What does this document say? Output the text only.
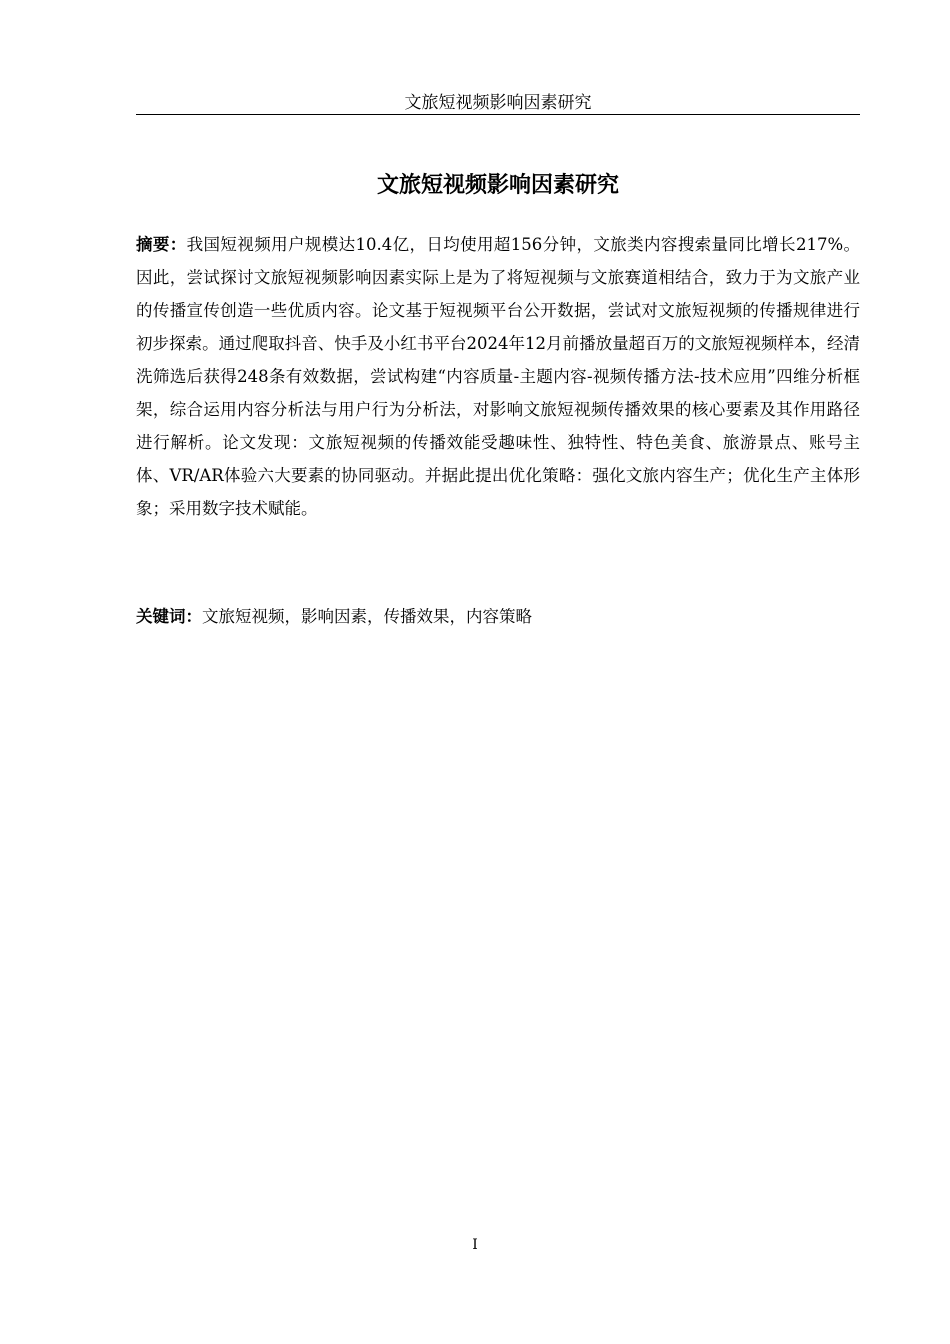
文旅短视频影响因素研究
文旅短视频影响因素研究

摘要：我国短视频用户规模达10.4亿，日均使用超156分钟，文旅类内容搜索量同比增长217%。因此，尝试探讨文旅短视频影响因素实际上是为了将短视频与文旅赛道相结合，致力于为文旅产业的传播宣传创造一些优质内容。论文基于短视频平台公开数据，尝试对文旅短视频的传播规律进行初步探索。通过爬取抖音、快手及小红书平台2024年12月前播放量超百万的文旅短视频样本，经清洗筛选后获得248条有效数据，尝试构建“内容质量-主题内容-视频传播方法-技术应用”四维分析框架，综合运用内容分析法与用户行为分析法，对影响文旅短视频传播效果的核心要素及其作用路径进行解析。论文发现：文旅短视频的传播效能受趣味性、独特性、特色美食、旅游景点、账号主体、VR/AR体验六大要素的协同驱动。并据此提出优化策略：强化文旅内容生产；优化生产主体形象；采用数字技术赋能。

关键词：文旅短视频，影响因素，传播效果，内容策略

I
